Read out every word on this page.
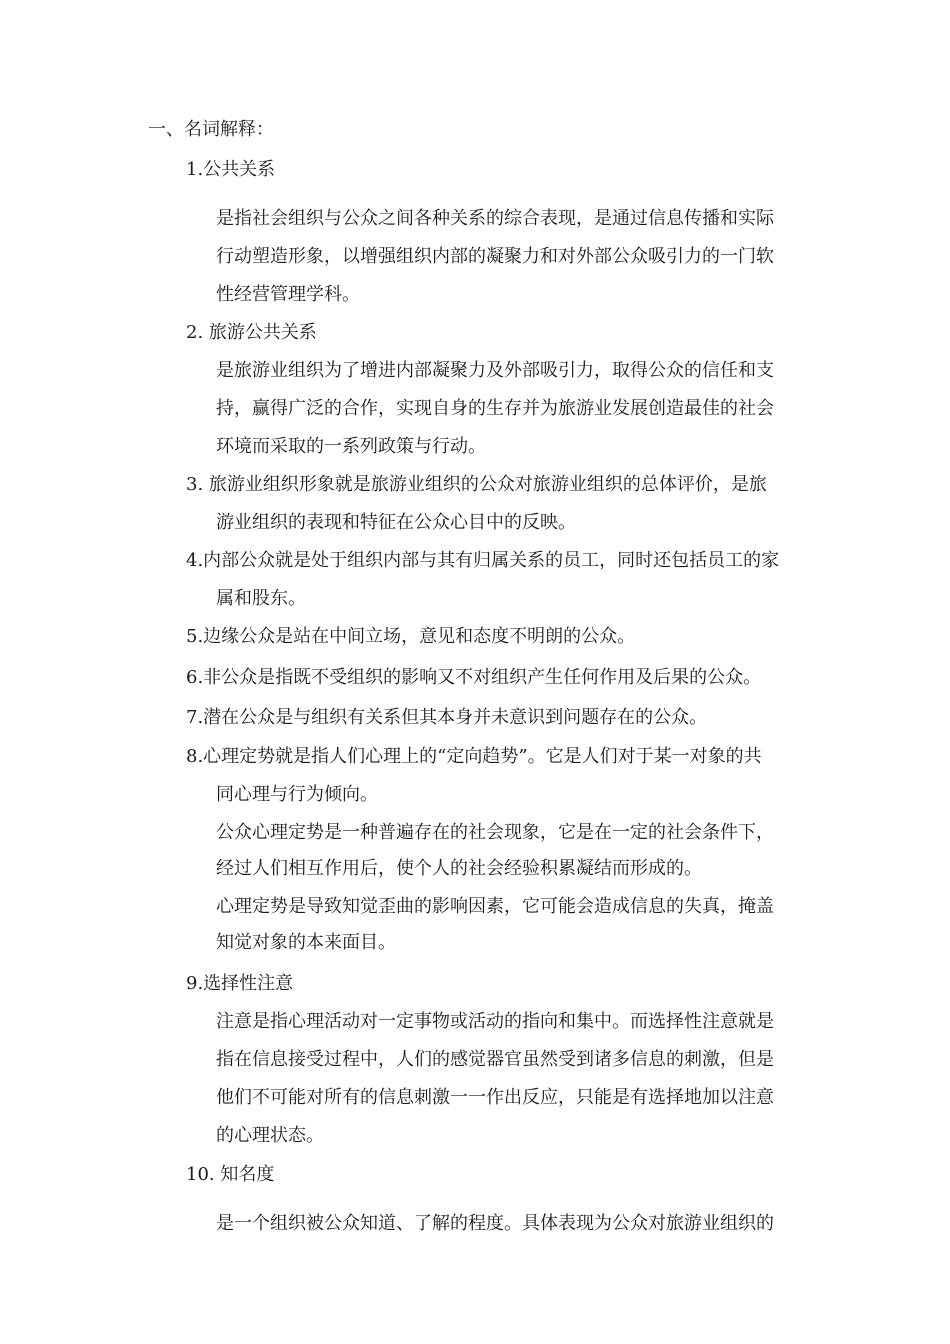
一、名词解释：
1.公共关系
是指社会组织与公众之间各种关系的综合表现，是通过信息传播和实际
行动塑造形象，以增强组织内部的凝聚力和对外部公众吸引力的一门软
性经营管理学科。
2. 旅游公共关系
是旅游业组织为了增进内部凝聚力及外部吸引力，取得公众的信任和支
持，赢得广泛的合作，实现自身的生存并为旅游业发展创造最佳的社会
环境而采取的一系列政策与行动。
3. 旅游业组织形象就是旅游业组织的公众对旅游业组织的总体评价，是旅
游业组织的表现和特征在公众心目中的反映。
4.内部公众就是处于组织内部与其有归属关系的员工，同时还包括员工的家
属和股东。
5.边缘公众是站在中间立场，意见和态度不明朗的公众。
6.非公众是指既不受组织的影响又不对组织产生任何作用及后果的公众。
7.潜在公众是与组织有关系但其本身并未意识到问题存在的公众。
8.心理定势就是指人们心理上的“定向趋势”。它是人们对于某一对象的共
同心理与行为倾向。
公众心理定势是一种普遍存在的社会现象，它是在一定的社会条件下，
经过人们相互作用后，使个人的社会经验积累凝结而形成的。
心理定势是导致知觉歪曲的影响因素，它可能会造成信息的失真，掩盖
知觉对象的本来面目。
9.选择性注意
注意是指心理活动对一定事物或活动的指向和集中。而选择性注意就是
指在信息接受过程中，人们的感觉器官虽然受到诸多信息的刺激，但是
他们不可能对所有的信息刺激一一作出反应，只能是有选择地加以注意
的心理状态。
10. 知名度
是一个组织被公众知道、了解的程度。具体表现为公众对旅游业组织的
